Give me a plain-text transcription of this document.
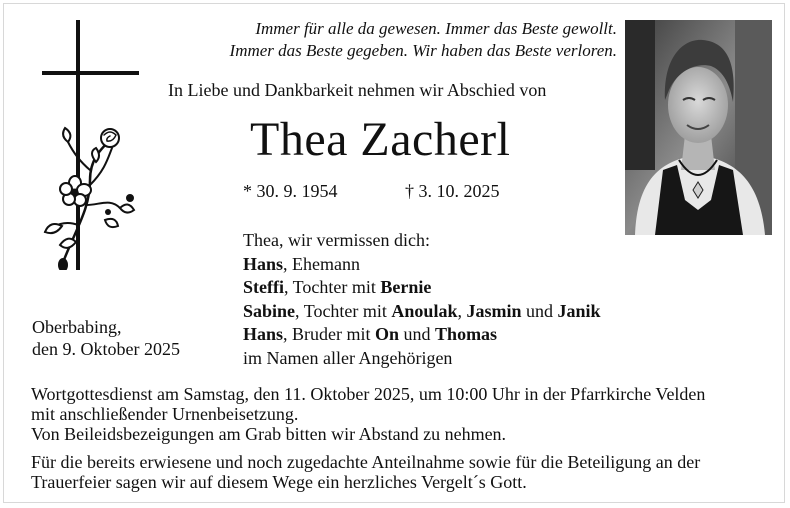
Immer für alle da gewesen. Immer das Beste gewollt.
Immer das Beste gegeben. Wir haben das Beste verloren.
In Liebe und Dankbarkeit nehmen wir Abschied von
Thea Zacherl
* 30. 9. 1954	† 3. 10. 2025
Thea, wir vermissen dich:
Hans, Ehemann
Steffi, Tochter mit Bernie
Sabine, Tochter mit Anoulak, Jasmin und Janik
Hans, Bruder mit On und Thomas
im Namen aller Angehörigen
Oberbabing,
den 9. Oktober 2025
Wortgottesdienst am Samstag, den 11. Oktober 2025, um 10:00 Uhr in der Pfarrkirche Velden
mit anschließender Urnenbeisetzung.
Von Beileidsbezeigungen am Grab bitten wir Abstand zu nehmen.
Für die bereits erwiesene und noch zugedachte Anteilnahme sowie für die Beteiligung an der
Trauerfeier sagen wir auf diesem Wege ein herzliches Vergelt´s Gott.
